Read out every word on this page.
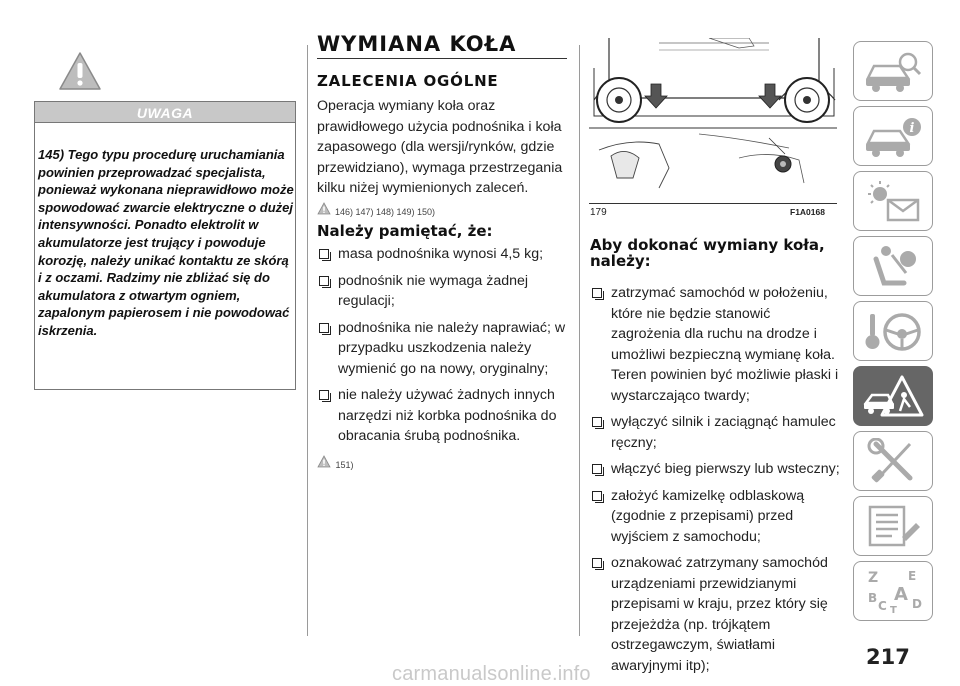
UWAGA
145) Tego typu procedurę uruchamiania powinien przeprowadzać specjalista, ponieważ wykonana nieprawidłowo może spowodować zwarcie elektryczne o dużej intensywności. Ponadto elektrolit w akumulatorze jest trujący i powoduje korozję, należy unikać kontaktu ze skórą i z oczami. Radzimy nie zbliżać się do akumulatora z otwartym ogniem, zapalonym papierosem i nie powodować iskrzenia.
WYMIANA KOŁA
ZALECENIA OGÓLNE
Operacja wymiany koła oraz prawidłowego użycia podnośnika i koła zapasowego (dla wersji/rynków, gdzie przewidziano), wymaga przestrzegania kilku niżej wymienionych zaleceń.
146) 147) 148) 149) 150)
Należy pamiętać, że:
masa podnośnika wynosi 4,5 kg;
podnośnik nie wymaga żadnej regulacji;
podnośnika nie należy naprawiać; w przypadku uszkodzenia należy wymienić go na nowy, oryginalny;
nie należy używać żadnych innych narzędzi niż korbka podnośnika do obracania śrubą podnośnika.
151)
179	F1A0168
Aby dokonać wymiany koła, należy:
zatrzymać samochód w położeniu, które nie będzie stanowić zagrożenia dla ruchu na drodze i umożliwi bezpieczną wymianę koła. Teren powinien być możliwie płaski i wystarczająco twardy;
wyłączyć silnik i zaciągnąć hamulec ręczny;
włączyć bieg pierwszy lub wsteczny;
założyć kamizelkę odblaskową (zgodnie z przepisami) przed wyjściem z samochodu;
oznakować zatrzymany samochód urządzeniami przewidzianymi przepisami w kraju, przez który się przejeżdża (np. trójkątem ostrzegawczym, światłami awaryjnymi itp);
i
Z E
B A
C T D
217
carmanualsonline.info
